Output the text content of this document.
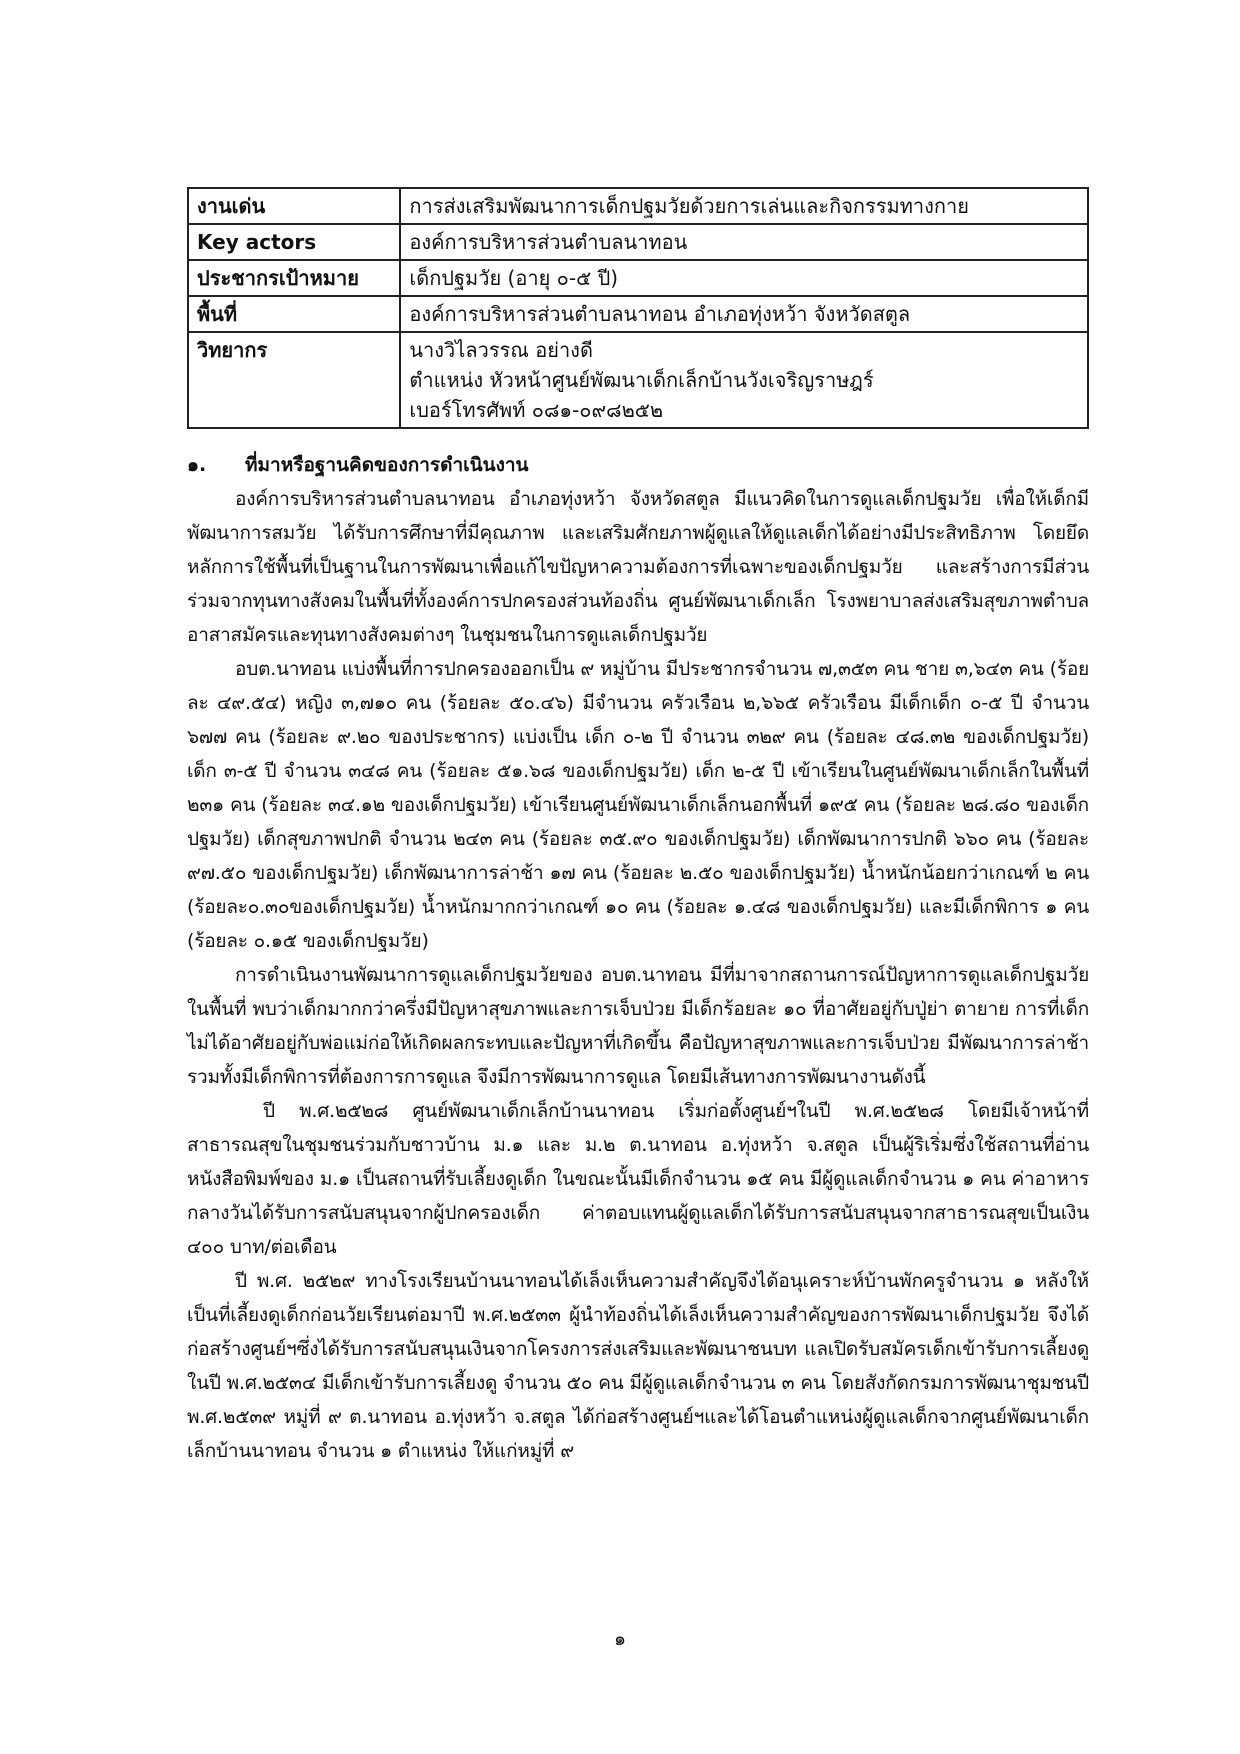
งานเด่น	การส่งเสริมพัฒนาการเด็กปฐมวัยด้วยการเล่นและกิจกรรมทางกาย

Key actors	องค์การบริหารส่วนตำบลนาทอน

ประชากรเป้าหมาย	เด็กปฐมวัย (อายุ ๐-๕ ปี)

พื้นที่	องค์การบริหารส่วนตำบลนาทอน อำเภอทุ่งหว้า จังหวัดสตูล

วิทยากร	นางวิไลวรรณ อย่างดี
ตำแหน่ง หัวหน้าศูนย์พัฒนาเด็กเล็กบ้านวังเจริญราษฎร์
เบอร์โทรศัพท์ ๐๘๑-๐๙๘๒๕๒
๑. ที่มาหรือฐานคิดของการดำเนินงาน

องค์การบริหารส่วนตำบลนาทอน อำเภอทุ่งหว้า จังหวัดสตูล มีแนวคิดในการดูแลเด็กปฐมวัย เพื่อให้เด็กมีพัฒนาการสมวัย ได้รับการศึกษาที่มีคุณภาพ และเสริมศักยภาพผู้ดูแลให้ดูแลเด็กได้อย่างมีประสิทธิภาพ โดยยึดหลักการใช้พื้นที่เป็นฐานในการพัฒนาเพื่อแก้ไขปัญหาความต้องการที่เฉพาะของเด็กปฐมวัย และสร้างการมีส่วนร่วมจากทุนทางสังคมในพื้นที่ทั้งองค์การปกครองส่วนท้องถิ่น ศูนย์พัฒนาเด็กเล็ก โรงพยาบาลส่งเสริมสุขภาพตำบล อาสาสมัครและทุนทางสังคมต่างๆ ในชุมชนในการดูแลเด็กปฐมวัย

อบต.นาทอน แบ่งพื้นที่การปกครองออกเป็น ๙ หมู่บ้าน มีประชากรจำนวน ๗,๓๕๓ คน ชาย ๓,๖๔๓ คน (ร้อยละ ๔๙.๕๔) หญิง ๓,๗๑๐ คน (ร้อยละ ๕๐.๔๖) มีจำนวน ครัวเรือน ๒,๖๖๕ ครัวเรือน มีเด็กเด็ก ๐-๕ ปี จำนวน ๖๗๗ คน (ร้อยละ ๙.๒๐ ของประชากร) แบ่งเป็น เด็ก ๐-๒ ปี จำนวน ๓๒๙ คน (ร้อยละ ๔๘.๓๒ ของเด็กปฐมวัย) เด็ก ๓-๕ ปี จำนวน ๓๔๘ คน (ร้อยละ ๕๑.๖๘ ของเด็กปฐมวัย) เด็ก ๒-๕ ปี เข้าเรียนในศูนย์พัฒนาเด็กเล็กในพื้นที่ ๒๓๑ คน (ร้อยละ ๓๔.๑๒ ของเด็กปฐมวัย) เข้าเรียนศูนย์พัฒนาเด็กเล็กนอกพื้นที่ ๑๙๕ คน (ร้อยละ ๒๘.๘๐ ของเด็กปฐมวัย) เด็กสุขภาพปกติ จำนวน ๒๔๓ คน (ร้อยละ ๓๕.๙๐ ของเด็กปฐมวัย) เด็กพัฒนาการปกติ ๖๖๐ คน (ร้อยละ ๙๗.๕๐ ของเด็กปฐมวัย) เด็กพัฒนาการล่าช้า ๑๗ คน (ร้อยละ ๒.๕๐ ของเด็กปฐมวัย) น้ำหนักน้อยกว่าเกณฑ์ ๒ คน (ร้อยละ๐.๓๐ของเด็กปฐมวัย) น้ำหนักมากกว่าเกณฑ์ ๑๐ คน (ร้อยละ ๑.๔๘ ของเด็กปฐมวัย) และมีเด็กพิการ ๑ คน (ร้อยละ ๐.๑๕ ของเด็กปฐมวัย)

การดำเนินงานพัฒนาการดูแลเด็กปฐมวัยของ อบต.นาทอน มีที่มาจากสถานการณ์ปัญหาการดูแลเด็กปฐมวัยในพื้นที่ พบว่าเด็กมากกว่าครึ่งมีปัญหาสุขภาพและการเจ็บป่วย มีเด็กร้อยละ ๑๐ ที่อาศัยอยู่กับปู่ย่า ตายาย การที่เด็กไม่ได้อาศัยอยู่กับพ่อแม่ก่อให้เกิดผลกระทบและปัญหาที่เกิดขึ้น คือปัญหาสุขภาพและการเจ็บป่วย มีพัฒนาการล่าช้า รวมทั้งมีเด็กพิการที่ต้องการการดูแล จึงมีการพัฒนาการดูแล โดยมีเส้นทางการพัฒนางานดังนี้

ปี พ.ศ.๒๕๒๘ ศูนย์พัฒนาเด็กเล็กบ้านนาทอน เริ่มก่อตั้งศูนย์ฯในปี พ.ศ.๒๕๒๘ โดยมีเจ้าหน้าที่สาธารณสุขในชุมชนร่วมกับชาวบ้าน ม.๑ และ ม.๒ ต.นาทอน อ.ทุ่งหว้า จ.สตูล เป็นผู้ริเริ่มซึ่งใช้สถานที่อ่านหนังสือพิมพ์ของ ม.๑ เป็นสถานที่รับเลี้ยงดูเด็ก ในขณะนั้นมีเด็กจำนวน ๑๕ คน มีผู้ดูแลเด็กจำนวน ๑ คน ค่าอาหารกลางวันได้รับการสนับสนุนจากผู้ปกครองเด็ก ค่าตอบแทนผู้ดูแลเด็กได้รับการสนับสนุนจากสาธารณสุขเป็นเงิน ๔๐๐ บาท/ต่อเดือน

ปี พ.ศ. ๒๕๒๙ ทางโรงเรียนบ้านนาทอนได้เล็งเห็นความสำคัญจึงได้อนุเคราะห์บ้านพักครูจำนวน ๑ หลังให้เป็นที่เลี้ยงดูเด็กก่อนวัยเรียนต่อมาปี พ.ศ.๒๕๓๓ ผู้นำท้องถิ่นได้เล็งเห็นความสำคัญของการพัฒนาเด็กปฐมวัย จึงได้ก่อสร้างศูนย์ฯซึ่งได้รับการสนับสนุนเงินจากโครงการส่งเสริมและพัฒนาชนบท แลเปิดรับสมัครเด็กเข้ารับการเลี้ยงดูในปี พ.ศ.๒๕๓๔ มีเด็กเข้ารับการเลี้ยงดู จำนวน ๕๐ คน มีผู้ดูแลเด็กจำนวน ๓ คน โดยสังกัดกรมการพัฒนาชุมชนปี พ.ศ.๒๕๓๙ หมู่ที่ ๙ ต.นาทอน อ.ทุ่งหว้า จ.สตูล ได้ก่อสร้างศูนย์ฯและได้โอนตำแหน่งผู้ดูแลเด็กจากศูนย์พัฒนาเด็กเล็กบ้านนาทอน จำนวน ๑ ตำแหน่ง ให้แก่หมู่ที่ ๙

๑
